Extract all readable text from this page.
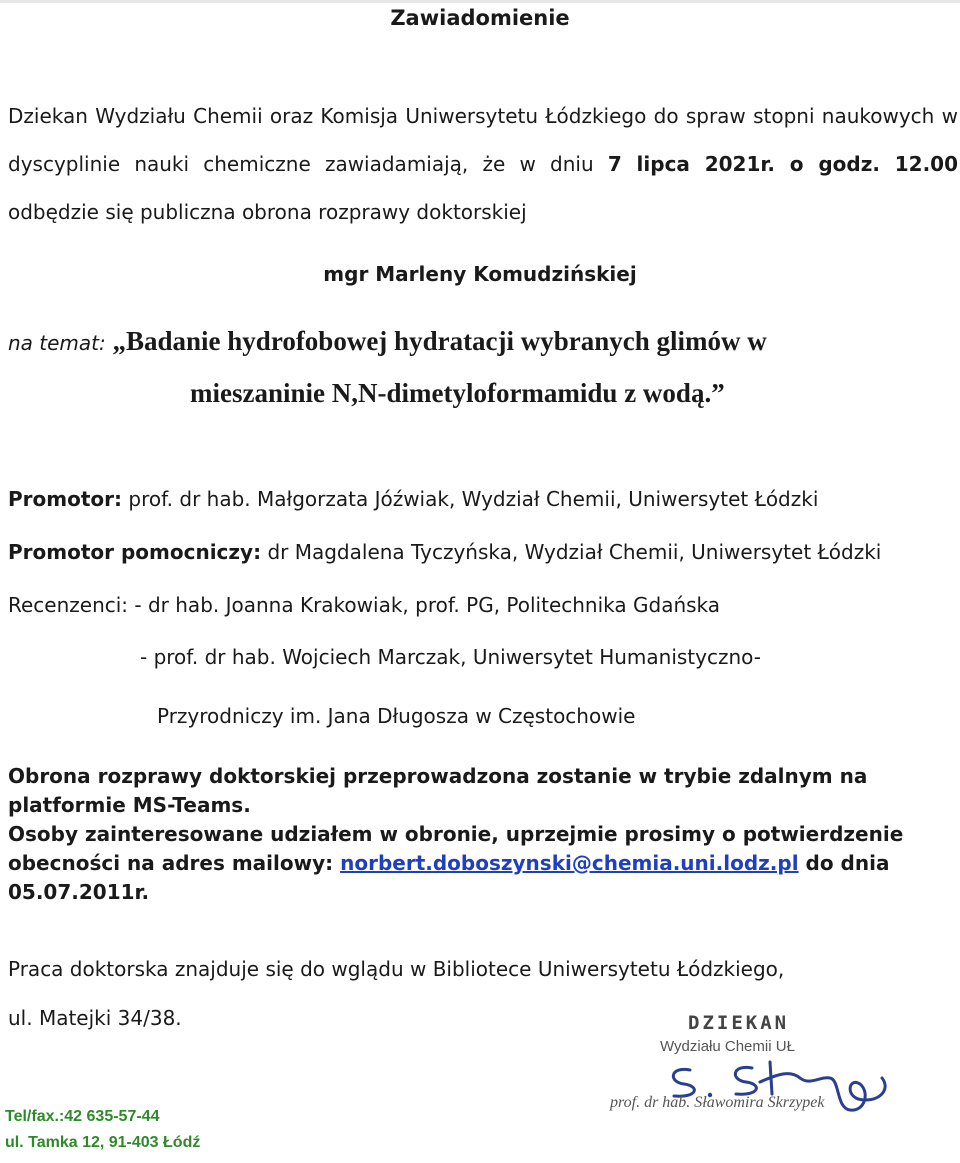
Zawiadomienie
Dziekan Wydziału Chemii oraz Komisja Uniwersytetu Łódzkiego do spraw stopni naukowych w dyscyplinie nauki chemiczne zawiadamiają, że w dniu 7 lipca 2021r. o godz. 12.00 odbędzie się publiczna obrona rozprawy doktorskiej
mgr Marleny Komudzińskiej
na temat: „Badanie hydrofobowej hydratacji wybranych glimów w
mieszaninie N,N-dimetyloformamidu z wodą.”
Promotor: prof. dr hab. Małgorzata Jóźwiak, Wydział Chemii, Uniwersytet Łódzki
Promotor pomocniczy: dr Magdalena Tyczyńska, Wydział Chemii, Uniwersytet Łódzki
Recenzenci: - dr hab. Joanna Krakowiak, prof. PG, Politechnika Gdańska
- prof. dr hab. Wojciech Marczak, Uniwersytet Humanistyczno-
Przyrodniczy im. Jana Długosza w Częstochowie
Obrona rozprawy doktorskiej przeprowadzona zostanie w trybie zdalnym na platformie MS-Teams.
Osoby zainteresowane udziałem w obronie, uprzejmie prosimy o potwierdzenie obecności na adres mailowy: norbert.doboszynski@chemia.uni.lodz.pl do dnia 05.07.2011r.
Praca doktorska znajduje się do wglądu w Bibliotece Uniwersytetu Łódzkiego,
ul. Matejki 34/38.	DZIEKAN
Wydziału Chemii UŁ
prof. dr hab. Sławomira Skrzypek
Tel/fax.:42 635-57-44
ul. Tamka 12, 91-403 Łódź
